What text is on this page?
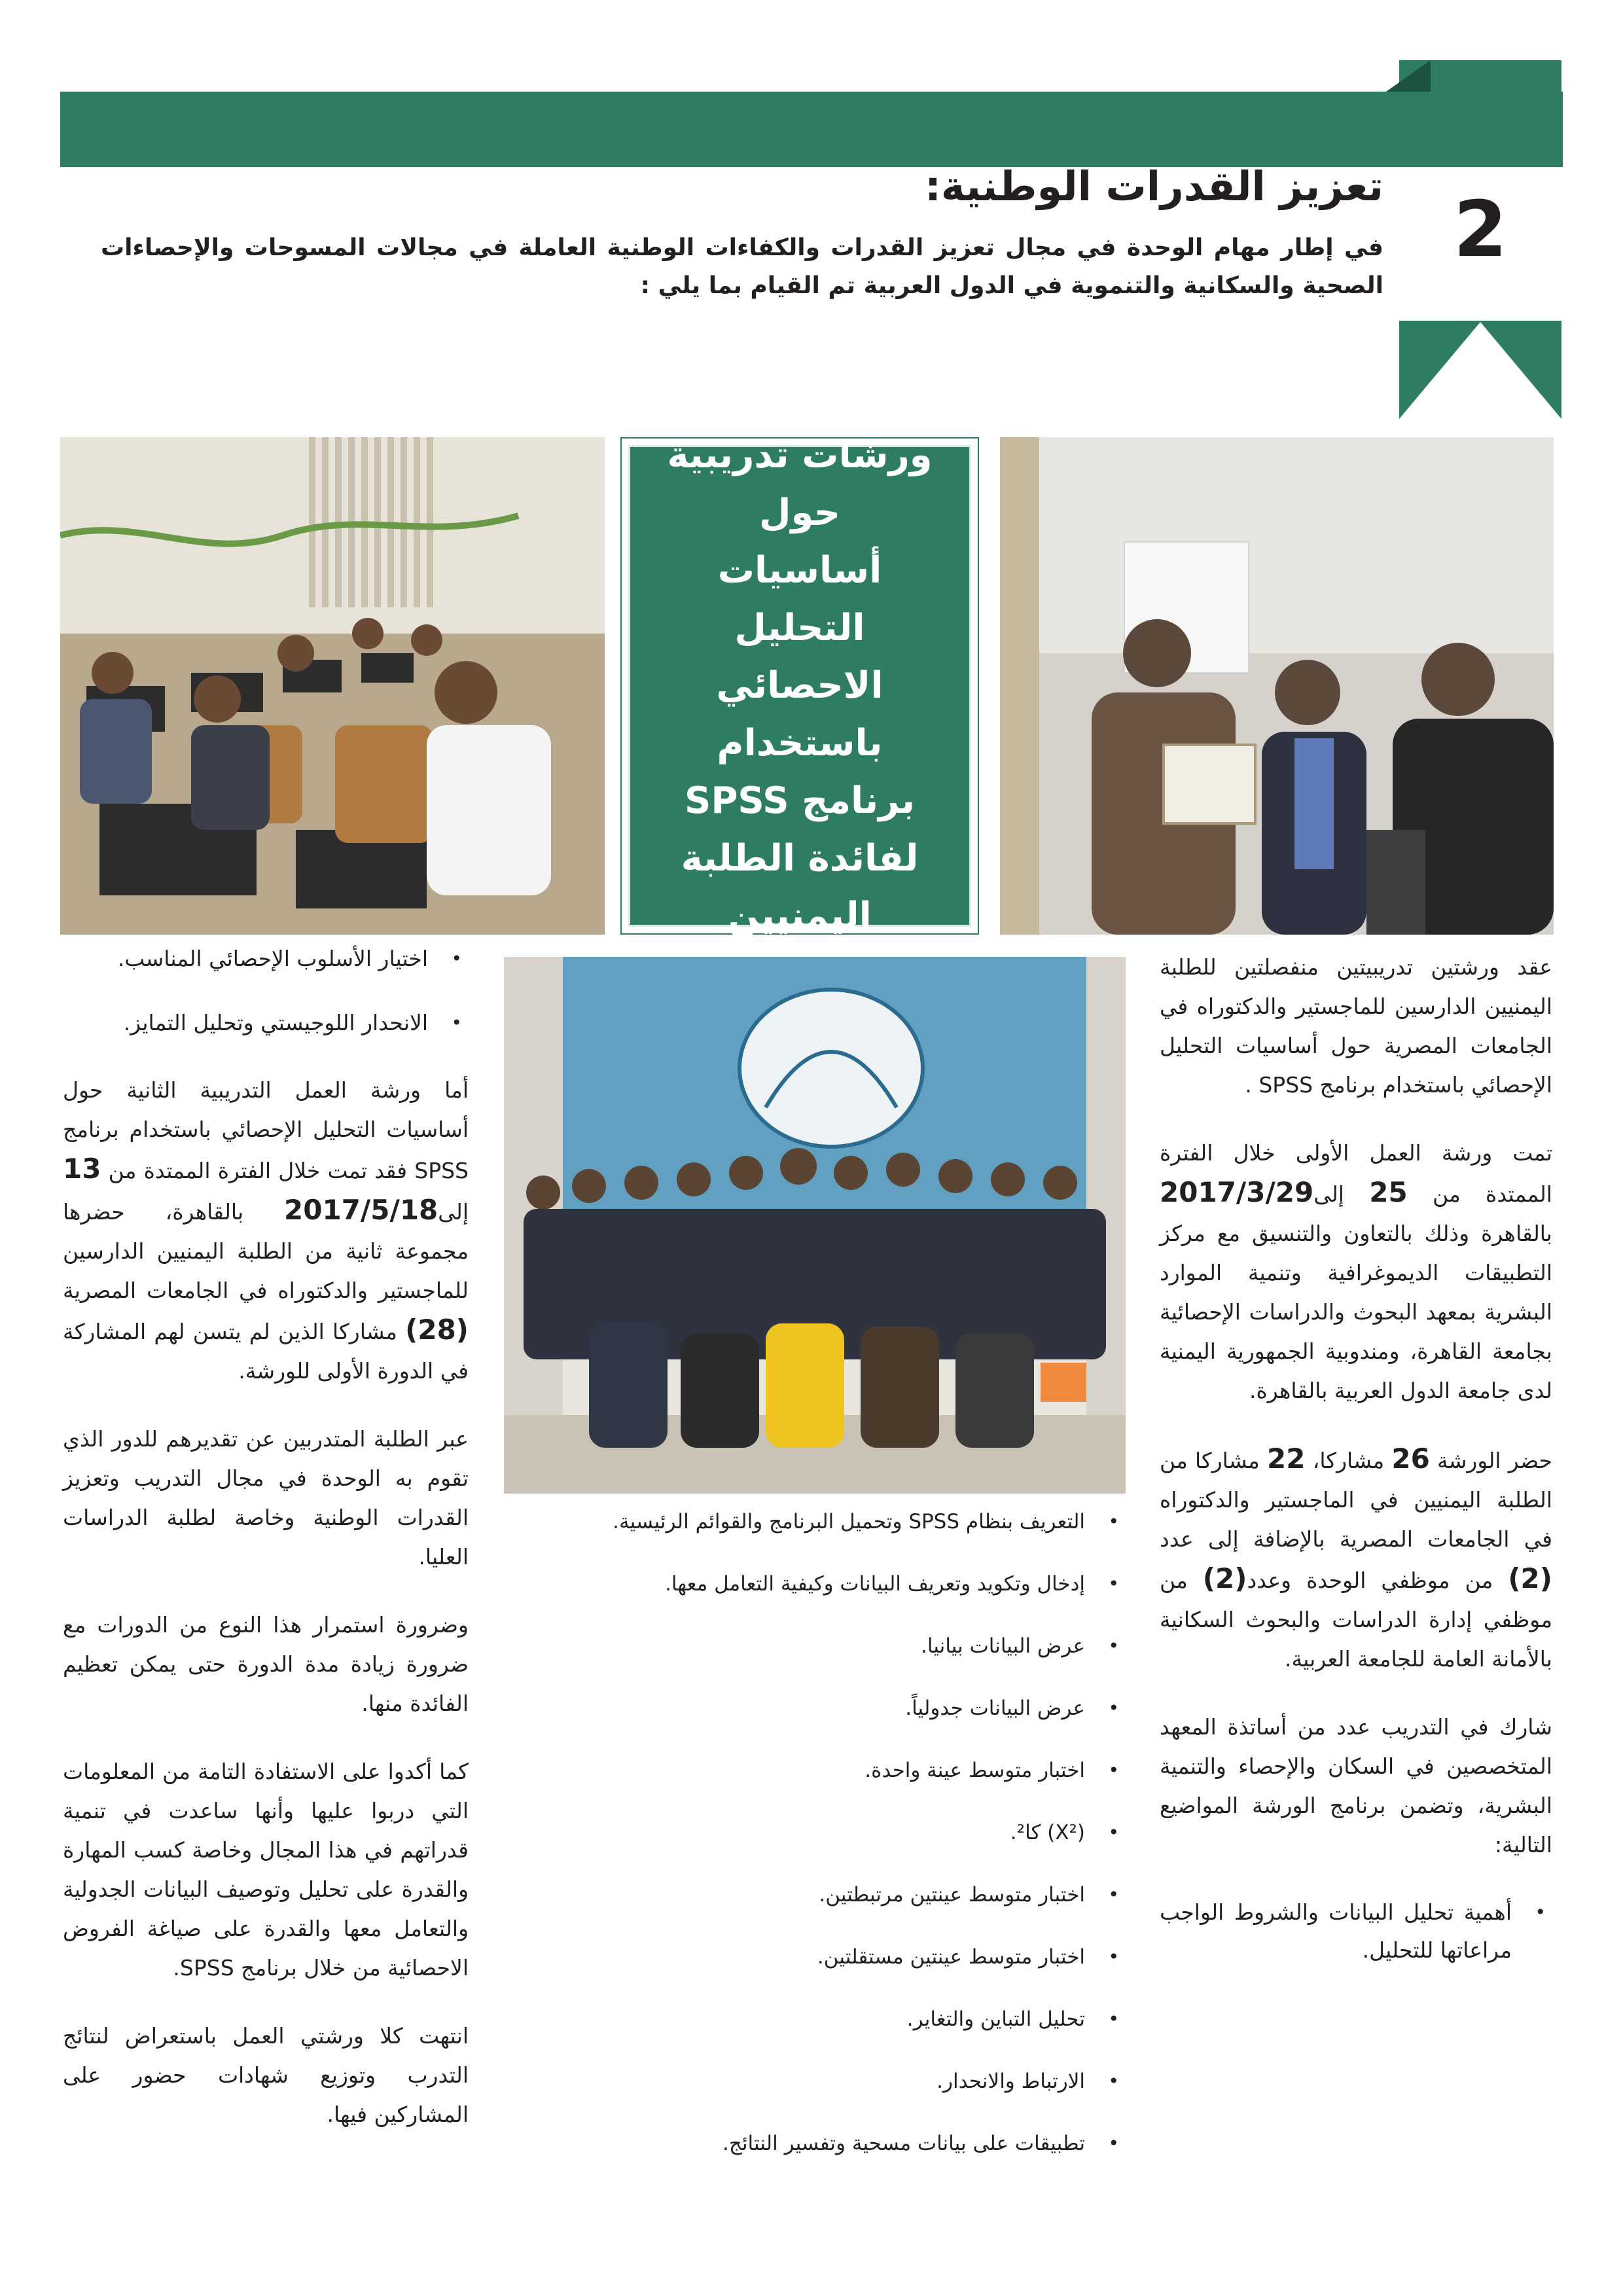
2
تعزيز القدرات الوطنية:
في إطار مهام الوحدة في مجال تعزيز القدرات والكفاءات الوطنية العاملة في مجالات المسوحات والإحصاءات الصحية والسكانية والتنموية في الدول العربية تم القيام بما يلي :
ورشات تدريبية حول
أساسيات التحليل
الاحصائي باستخدام
برنامج SPSS
لفائدة الطلبة
اليمنيين

عقد ورشتين تدريبيتين منفصلتين للطلبة اليمنيين الدارسين للماجستير والدكتوراه في الجامعات المصرية حول أساسيات التحليل الإحصائي باستخدام برنامج SPSS .

تمت ورشة العمل الأولى خلال الفترة الممتدة من 25 إلى2017/3/29 بالقاهرة وذلك بالتعاون والتنسيق مع مركز التطبيقات الديموغرافية وتنمية الموارد البشرية بمعهد البحوث والدراسات الإحصائية بجامعة القاهرة، ومندوبية الجمهورية اليمنية لدى جامعة الدول العربية بالقاهرة.

حضر الورشة 26 مشاركا، 22 مشاركا من الطلبة اليمنيين في الماجستير والدكتوراه في الجامعات المصرية بالإضافة إلى عدد (2) من موظفي الوحدة وعدد(2) من موظفي إدارة الدراسات والبحوث السكانية بالأمانة العامة للجامعة العربية.

شارك في التدريب عدد من أساتذة المعهد المتخصصين في السكان والإحصاء والتنمية البشرية، وتضمن برنامج الورشة المواضيع التالية:

•
أهمية تحليل البيانات والشروط الواجب مراعاتها للتحليل.
•
التعريف بنظام SPSS وتحميل البرنامج والقوائم الرئيسية.
•
إدخال وتكويد وتعريف البيانات وكيفية التعامل معها.
•
عرض البيانات بيانيا.
•
عرض البيانات جدولياً.
•
اختبار متوسط عينة واحدة.
•
(X²) كا².
•
اختبار متوسط عينتين مرتبطتين.
•
اختبار متوسط عينتين مستقلتين.
•
تحليل التباين والتغاير.
•
الارتباط والانحدار.
•
تطبيقات على بيانات مسحية وتفسير النتائج.
•
اختيار الأسلوب الإحصائي المناسب.
•
الانحدار اللوجيستي وتحليل التمايز.

أما ورشة العمل التدريبية الثانية حول أساسيات التحليل الإحصائي باستخدام برنامج SPSS فقد تمت خلال الفترة الممتدة من 13 إلى2017/5/18 بالقاهرة، حضرها مجموعة ثانية من الطلبة اليمنيين الدارسين للماجستير والدكتوراه في الجامعات المصرية (28) مشاركا الذين لم يتسن لهم المشاركة في الدورة الأولى للورشة.

عبر الطلبة المتدربين عن تقديرهم للدور الذي تقوم به الوحدة في مجال التدريب وتعزيز القدرات الوطنية وخاصة لطلبة الدراسات العليا.

وضرورة استمرار هذا النوع من الدورات مع ضرورة زيادة مدة الدورة حتى يمكن تعظيم الفائدة منها.

كما أكدوا على الاستفادة التامة من المعلومات التي دربوا عليها وأنها ساعدت في تنمية قدراتهم في هذا المجال وخاصة كسب المهارة والقدرة على تحليل وتوصيف البيانات الجدولية والتعامل معها والقدرة على صياغة الفروض الاحصائية من خلال برنامج SPSS.

انتهت كلا ورشتي العمل باستعراض لنتائج التدرب وتوزيع شهادات حضور على المشاركين فيها.
